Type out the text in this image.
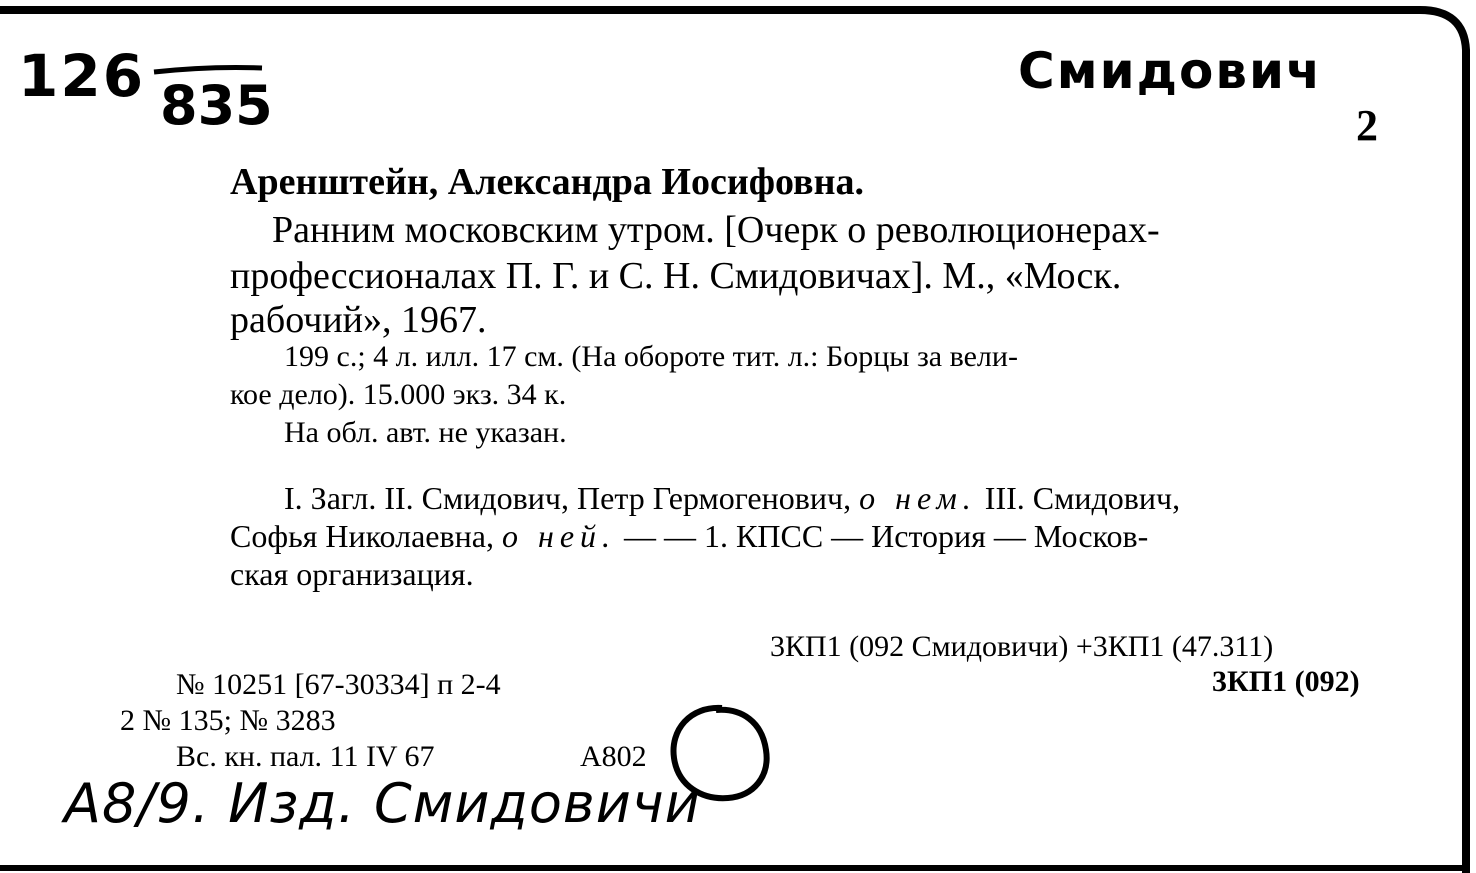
126 835
Смидович
2
Аренштейн, Александра Иосифовна.
Ранним московским утром. [Очерк о революционерах-
профессионалах П. Г. и С. Н. Смидовичах]. М., «Моск.
рабочий», 1967.
199 с.; 4 л. илл. 17 см. (На обороте тит. л.: Борцы за вели-
кое дело). 15.000 экз. 34 к.
На обл. авт. не указан.
I. Загл. II. Смидович, Петр Гермогенович, о нем. III. Смидович,
Софья Николаевна, о ней. — — 1. КПСС — История — Москов-
ская организация.
3КП1 (092 Смидовичи) +3КП1 (47.311)
3КП1 (092)
№ 10251 [67-30334] п 2-4
2 № 135; № 3283
Вс. кн. пал. 11 IV 67	А802
А8/9. Изд. Смидовичи
